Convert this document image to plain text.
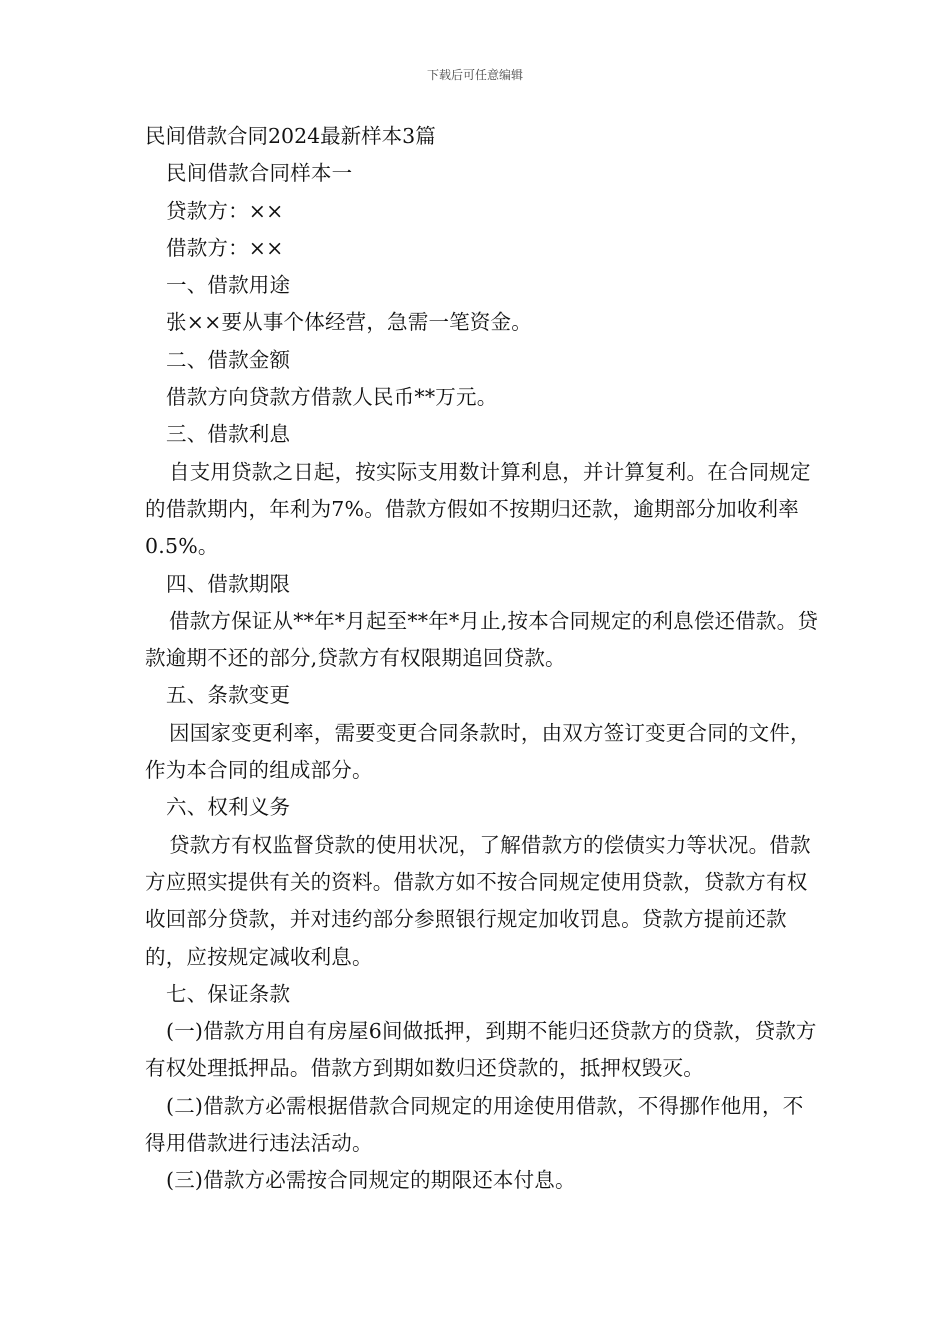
下载后可任意编辑

民间借款合同2024最新样本3篇

民间借款合同样本一

贷款方：××

借款方：××

一、借款用途

张××要从事个体经营，急需一笔资金。

二、借款金额

借款方向贷款方借款人民币**万元。

三、借款利息

自支用贷款之日起，按实际支用数计算利息，并计算复利。在合同规定的借款期内，年利为7%。借款方假如不按期归还款，逾期部分加收利率0.5%。

四、借款期限

借款方保证从**年*月起至**年*月止,按本合同规定的利息偿还借款。贷款逾期不还的部分,贷款方有权限期追回贷款。

五、条款变更

因国家变更利率，需要变更合同条款时，由双方签订变更合同的文件，作为本合同的组成部分。

六、权利义务

贷款方有权监督贷款的使用状况，了解借款方的偿债实力等状况。借款方应照实提供有关的资料。借款方如不按合同规定使用贷款，贷款方有权收回部分贷款，并对违约部分参照银行规定加收罚息。贷款方提前还款的，应按规定减收利息。

七、保证条款

(一)借款方用自有房屋6间做抵押，到期不能归还贷款方的贷款，贷款方有权处理抵押品。借款方到期如数归还贷款的，抵押权毁灭。

(二)借款方必需根据借款合同规定的用途使用借款，不得挪作他用，不得用借款进行违法活动。

(三)借款方必需按合同规定的期限还本付息。
